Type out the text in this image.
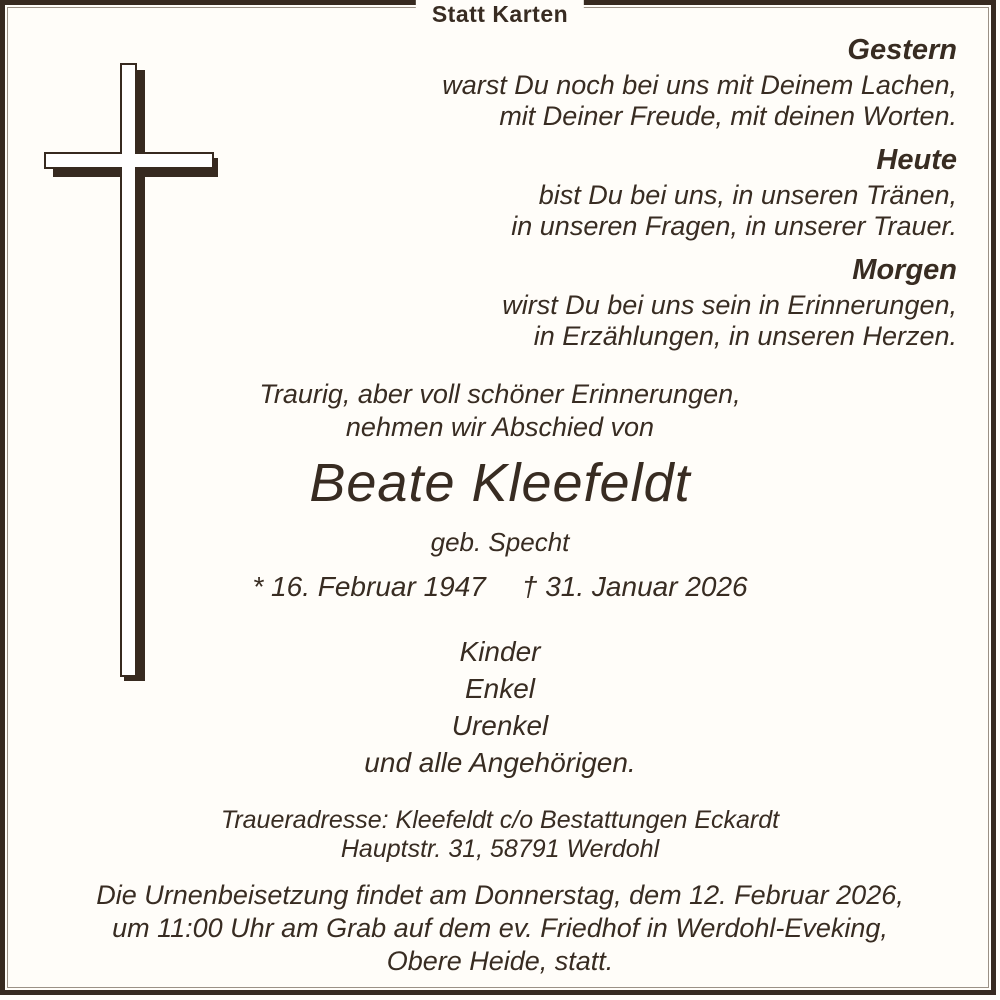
Statt Karten
Gestern

warst Du noch bei uns mit Deinem Lachen,

mit Deiner Freude, mit deinen Worten.

Heute

bist Du bei uns, in unseren Tränen,

in unseren Fragen, in unserer Trauer.

Morgen

wirst Du bei uns sein in Erinnerungen,

in Erzählungen, in unseren Herzen.

Traurig, aber voll schöner Erinnerungen,
nehmen wir Abschied von
Beate Kleefeldt
geb. Specht
* 16. Februar 1947 † 31. Januar 2026
Kinder
Enkel
Urenkel
und alle Angehörigen.
Traueradresse: Kleefeldt c/o Bestattungen Eckardt
Hauptstr. 31, 58791 Werdohl
Die Urnenbeisetzung findet am Donnerstag, dem 12. Februar 2026,
um 11:00 Uhr am Grab auf dem ev. Friedhof in Werdohl-Eveking,
Obere Heide, statt.
